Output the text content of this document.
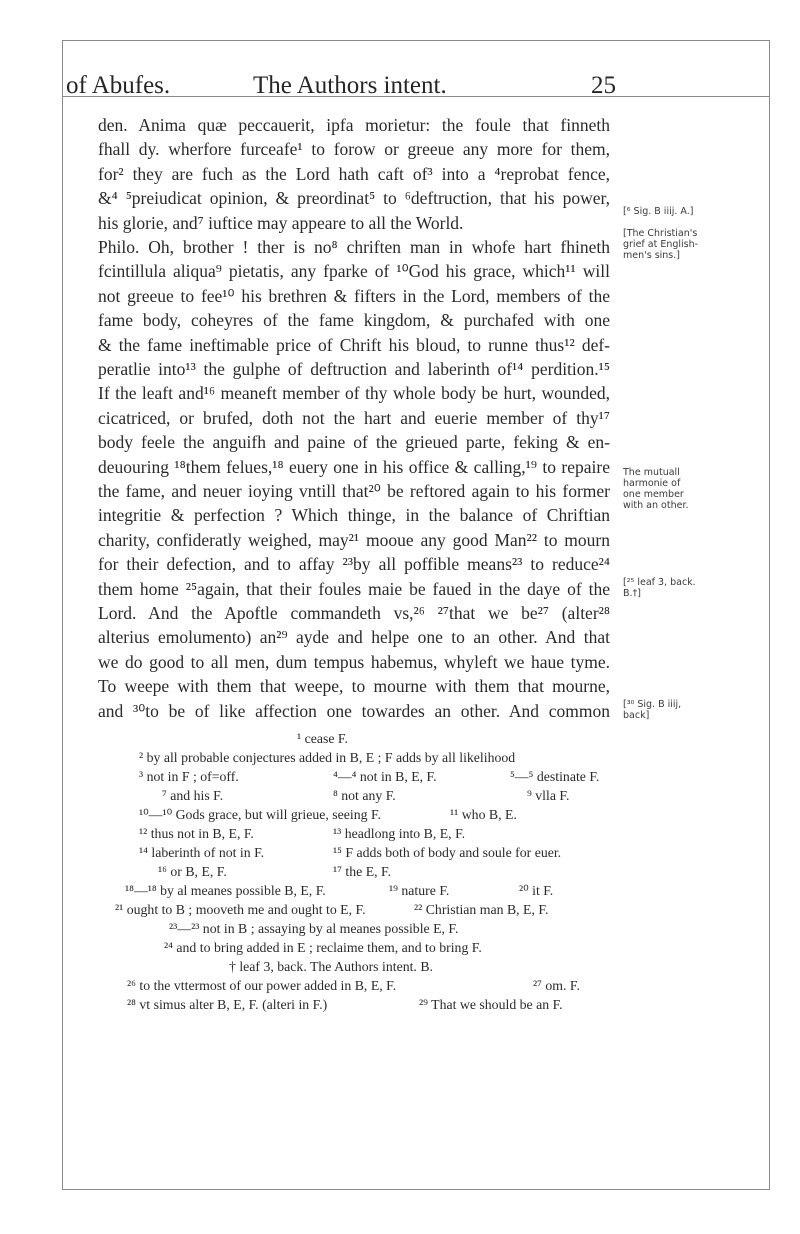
of Abufes.	The Authors intent.	25
den. Anima quæ peccauerit, ipfa morietur: the foule that finneth
fhall dy. wherfore furceafe¹ to forow or greeue any more for them,
for² they are fuch as the Lord hath caft of³ into a ⁴reprobat fence,
&⁴ ⁵preiudicat opinion, & preordinat⁵ to ⁶deftruction, that his power,
his glorie, and⁷ iuftice may appeare to all the World.
Philo. Oh, brother ! ther is no⁸ chriften man in whofe hart fhineth
fcintillula aliqua⁹ pietatis, any fparke of ¹⁰God his grace, which¹¹ will
not greeue to fee¹⁰ his brethren & fifters in the Lord, members of the
fame body, coheyres of the fame kingdom, & purchafed with one
& the fame ineftimable price of Chrift his bloud, to runne thus¹² def-
peratlie into¹³ the gulphe of deftruction and laberinth of¹⁴ perdition.¹⁵
If the leaft and¹⁶ meaneft member of thy whole body be hurt, wounded,
cicatriced, or brufed, doth not the hart and euerie member of thy¹⁷
body feele the anguifh and paine of the grieued parte, feking & en-
deuouring ¹⁸them felues,¹⁸ euery one in his office & calling,¹⁹ to repaire
the fame, and neuer ioying vntill that²⁰ be reftored again to his former
integritie & perfection ? Which thinge, in the balance of Chriftian
charity, confideratly weighed, may²¹ mooue any good Man²² to mourn
for their defection, and to affay ²³by all poffible means²³ to reduce²⁴
them home ²⁵again, that their foules maie be faued in the daye of the
Lord. And the Apoftle commandeth vs,²⁶ ²⁷that we be²⁷ (alter²⁸
alterius emolumento) an²⁹ ayde and helpe one to an other. And that
we do good to all men, dum tempus habemus, whyleft we haue tyme.
To weepe with them that weepe, to mourne with them that mourne,
and ³⁰to be of like affection one towardes an other. And common
[⁶ Sig. B iiij. A.]
[The Christian's
grief at English-
men's sins.]
The mutuall
harmonie of
one member
with an other.
[²⁵ leaf 3, back.
B.†]
[³⁰ Sig. B iiij,
back]
¹ cease F.
² by all probable conjectures added in B, E ; F adds by all likelihood
³ not in F ; of=off.	⁴—⁴ not in B, E, F.	⁵—⁵ destinate F.
⁷ and his F.	⁸ not any F.	⁹ vlla F.
¹⁰—¹⁰ Gods grace, but will grieue, seeing F.	¹¹ who B, E.
¹² thus not in B, E, F.	¹³ headlong into B, E, F.
¹⁴ laberinth of not in F.	¹⁵ F adds both of body and soule for euer.
¹⁶ or B, E, F.	¹⁷ the E, F.
¹⁸—¹⁸ by al meanes possible B, E, F.	¹⁹ nature F.	²⁰ it F.
²¹ ought to B ; mooveth me and ought to E, F.	²² Christian man B, E, F.
²³—²³ not in B ; assaying by al meanes possible E, F.
²⁴ and to bring added in E ; reclaime them, and to bring F.
† leaf 3, back. The Authors intent. B.
²⁶ to the vttermost of our power added in B, E, F.	²⁷ om. F.
²⁸ vt simus alter B, E, F. (alteri in F.)	²⁹ That we should be an F.
